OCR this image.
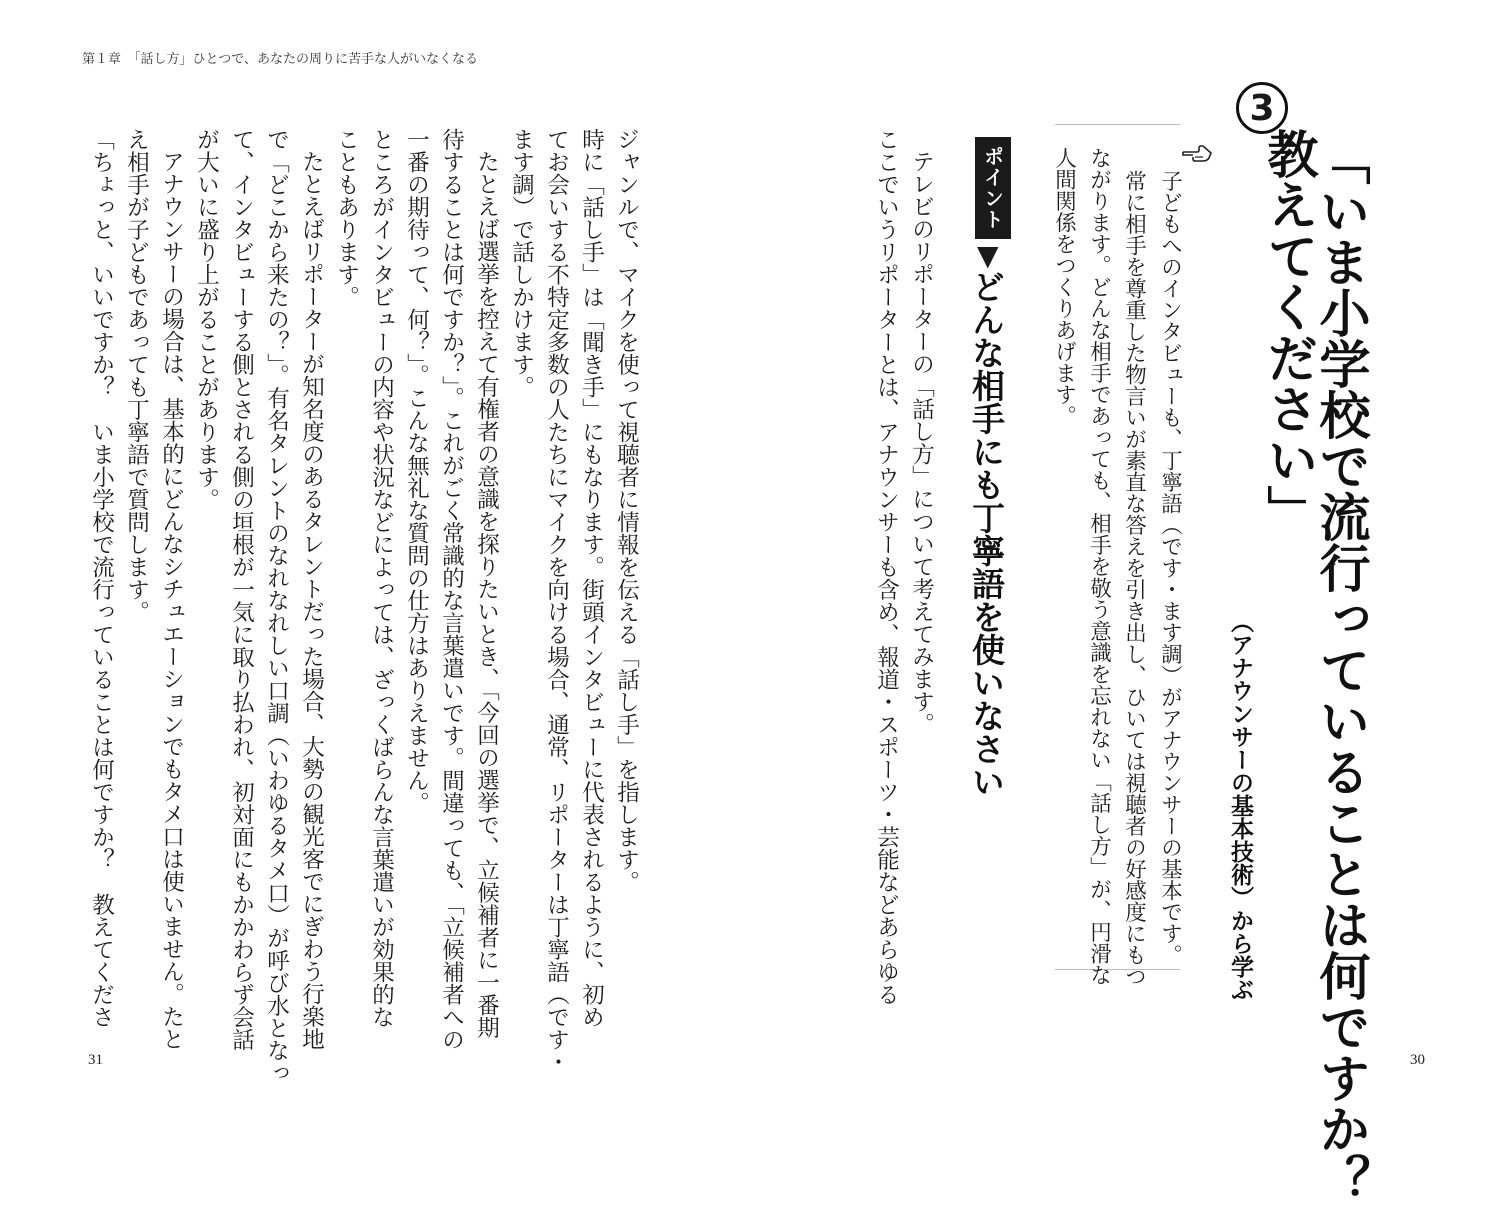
第１章　「話し方」ひとつで、あなたの周りに苦手な人がいなくなる
3
「いま小学校で流行っていることは何ですか？
教えてください」
（アナウンサーの基本技術）から学ぶ
子どもへのインタビューも、丁寧語（です・ます調）がアナウンサーの基本です。
常に相手を尊重した物言いが素直な答えを引き出し、ひいては視聴者の好感度にもつ
ながります。どんな相手であっても、相手を敬う意識を忘れない「話し方」が、円滑な
人間関係をつくりあげます。
ポイント
▼
どんな相手にも丁寧語を使いなさい
テレビのリポーターの「話し方」について考えてみます。
ここでいうリポーターとは、アナウンサーも含め、報道・スポーツ・芸能などあらゆる
ジャンルで、マイクを使って視聴者に情報を伝える「話し手」を指します。
時に「話し手」は「聞き手」にもなります。街頭インタビューに代表されるように、初め
てお会いする不特定多数の人たちにマイクを向ける場合、通常、リポーターは丁寧語（です・
ます調）で話しかけます。
たとえば選挙を控えて有権者の意識を探りたいとき、「今回の選挙で、立候補者に一番期
待することは何ですか？」。これがごく常識的な言葉遣いです。間違っても、「立候補者への
一番の期待って、何？」。こんな無礼な質問の仕方はありえません。
ところがインタビューの内容や状況などによっては、ざっくばらんな言葉遣いが効果的な
こともあります。
たとえばリポーターが知名度のあるタレントだった場合、大勢の観光客でにぎわう行楽地
で「どこから来たの？」。有名タレントのなれなれしい口調（いわゆるタメ口）が呼び水となっ
て、インタビューする側とされる側の垣根が一気に取り払われ、初対面にもかかわらず会話
が大いに盛り上がることがあります。
アナウンサーの場合は、基本的にどんなシチュエーションでもタメ口は使いません。たと
え相手が子どもであっても丁寧語で質問します。
「ちょっと、いいですか？　いま小学校で流行っていることは何ですか？　教えてくださ
31	30
